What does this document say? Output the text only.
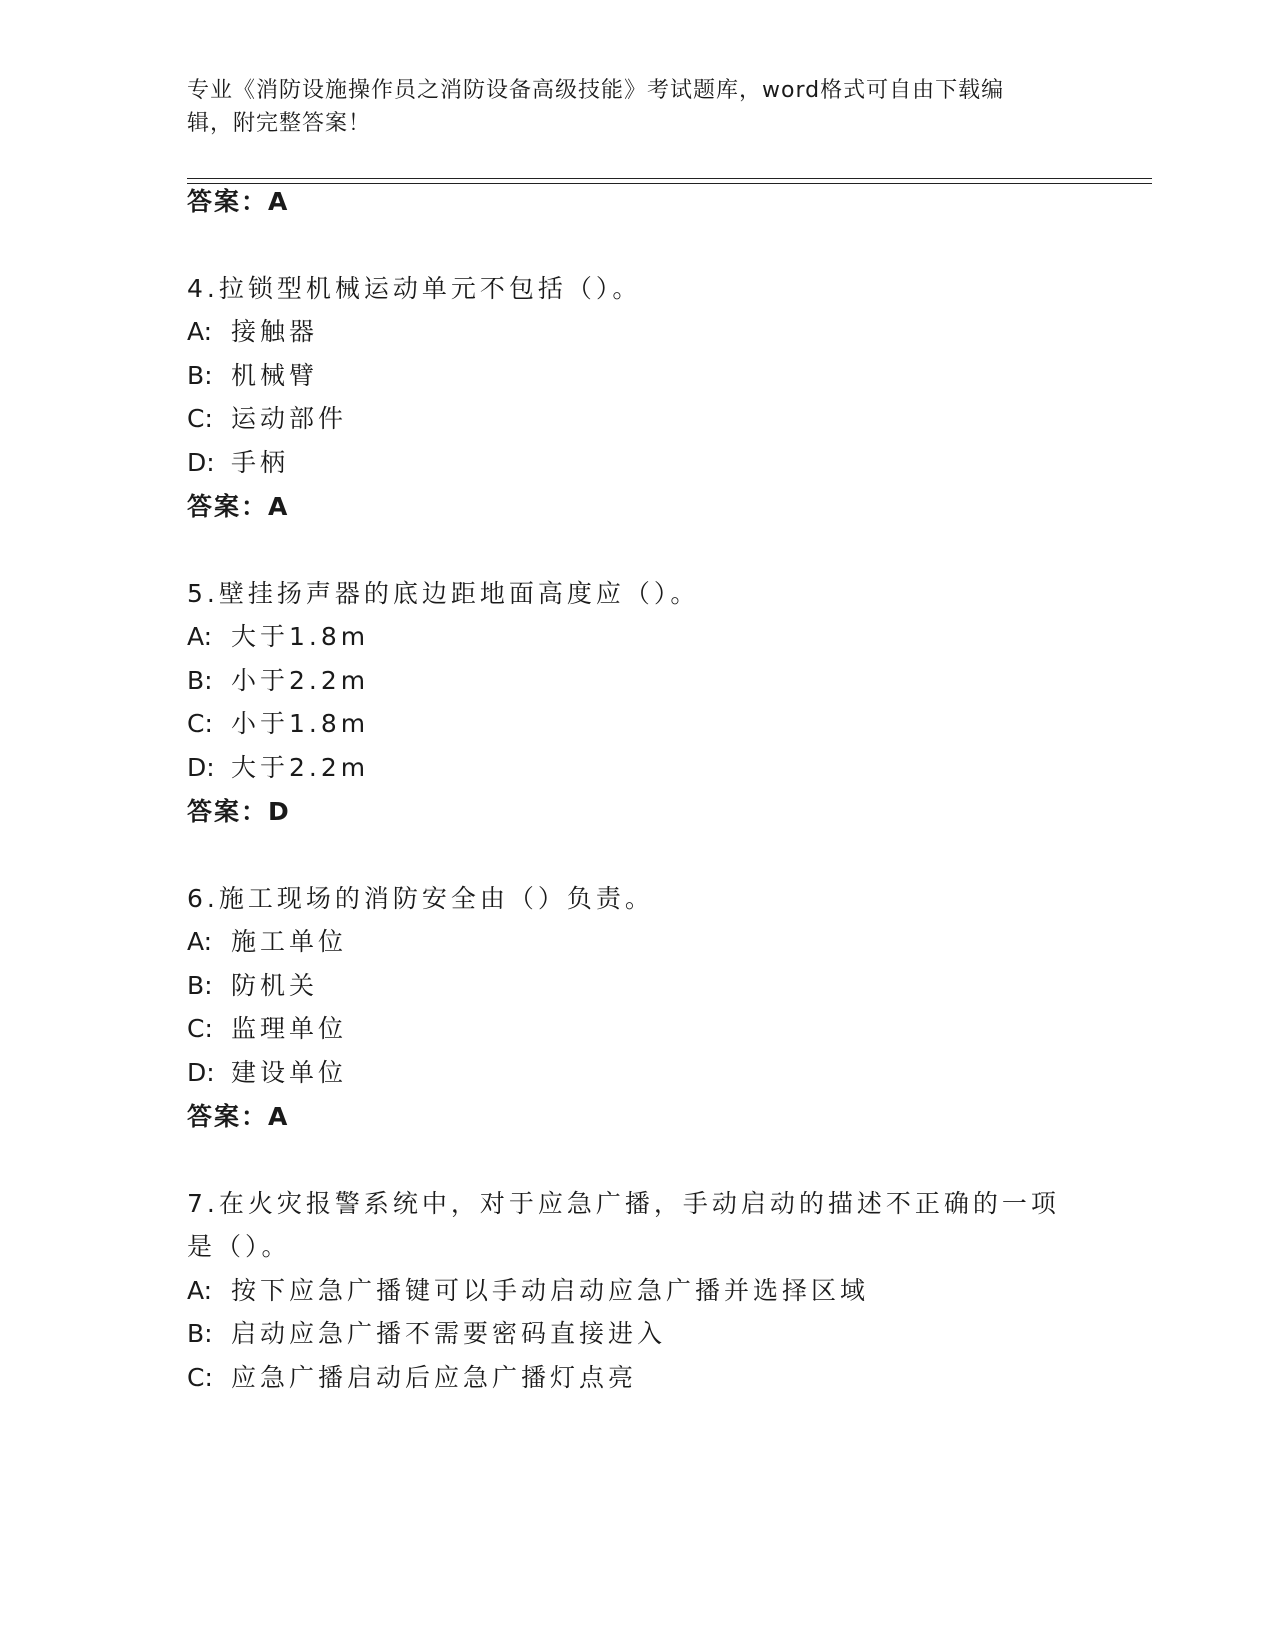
专业《消防设施操作员之消防设备高级技能》考试题库，word格式可自由下载编
辑，附完整答案！
答案：A
4.拉锁型机械运动单元不包括（）。
A: 接触器
B: 机械臂
C: 运动部件
D: 手柄
答案：A
5.壁挂扬声器的底边距地面高度应（）。
A: 大于1.8m
B: 小于2.2m
C: 小于1.8m
D: 大于2.2m
答案：D
6.施工现场的消防安全由（）负责。
A: 施工单位
B: 防机关
C: 监理单位
D: 建设单位
答案：A
7.在火灾报警系统中，对于应急广播，手动启动的描述不正确的一项
是（）。
A: 按下应急广播键可以手动启动应急广播并选择区域
B: 启动应急广播不需要密码直接进入
C: 应急广播启动后应急广播灯点亮
